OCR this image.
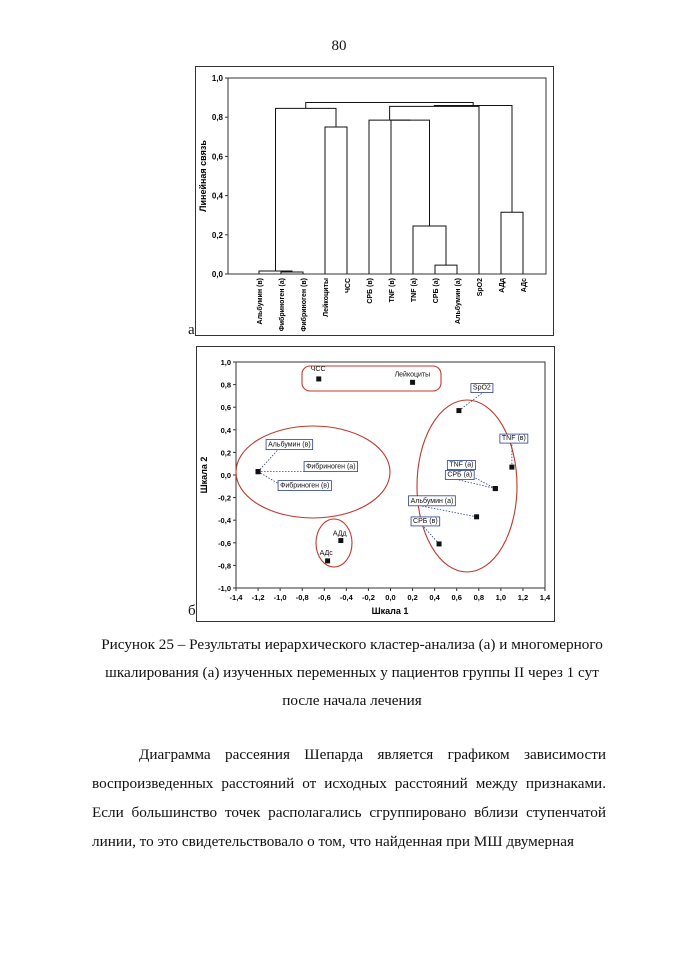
80
0,0
0,2
0,4
0,6
0,8
1,0
Альбумин (в) Фибриноген (а) Фибриноген (в) Лейкоциты ЧСС СРБ (в) TNF (в) TNF (а) СРБ (а) Альбумин (а) SpO2 АДд АДс
Линейная связь
а
-1,4 -1,2 -1,0 -0,8 -0,6 -0,4 -0,2 0,0 0,2 0,4 0,6 0,8 1,0 1,2 1,4
-1,0
-0,8
-0,6
-0,4
-0,2
0,0
0,2
0,4
0,6
0,8
1,0
ЧСС
Лейкоциты
SpO2
TNF (в)
TNF (а)
СРБ (а)
Альбумин (а)
СРБ (в)
Альбумин (в)
Фибриноген (а)
Фибриноген (в)
АДд
АДс
Шкала 1
Шкала 2
б
Рисунок 25 – Результаты иерархического кластер-анализа (а) и многомерного
шкалирования (а) изученных переменных у пациентов группы II через 1 сут
после начала лечения

Диаграмма рассеяния Шепарда является графиком зависимости воспроизведенных расстояний от исходных расстояний между признаками. Если большинство точек располагались сгруппировано вблизи ступенчатой линии, то это свидетельствовало о том, что найденная при МШ двумерная
